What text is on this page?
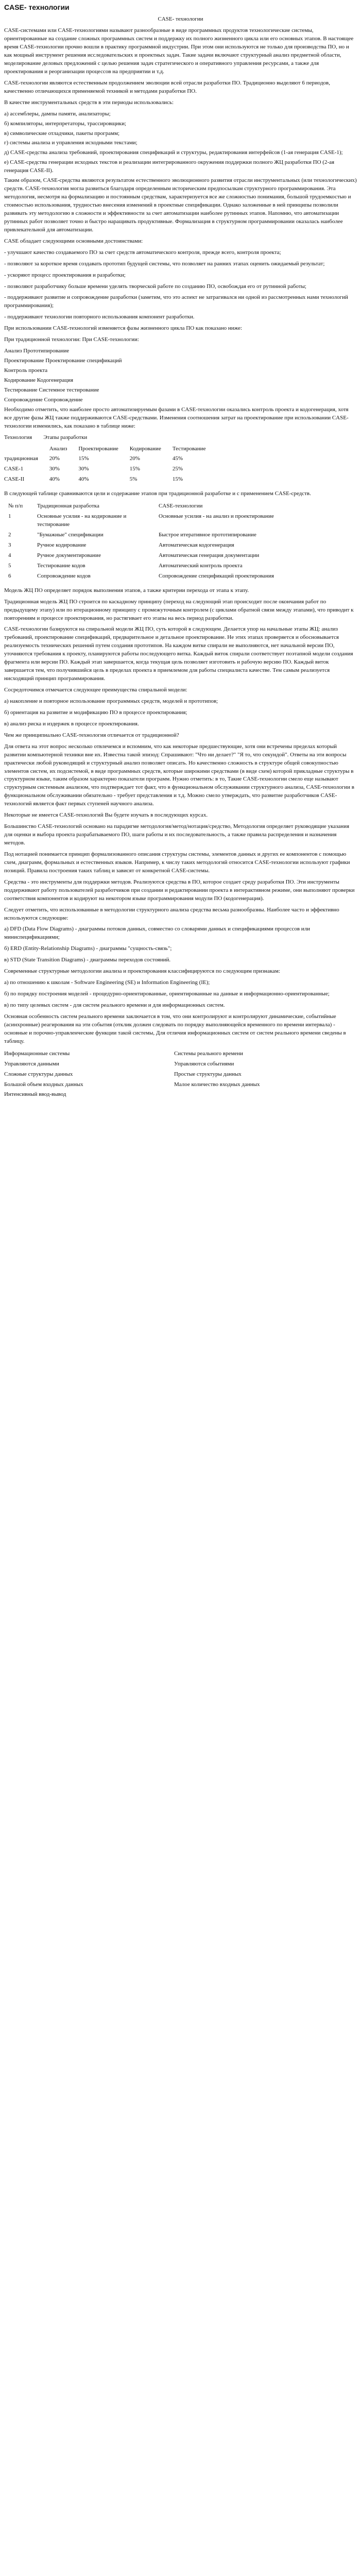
CASE- технологии
CASE- технологии
CASE-системами или CASE-технологиями называют разнообразные в виде программных продуктов технологические системы, ориентированные на создание сложных программных систем и поддержку их полного жизненного цикла или его основных этапов. В настоящее время CASE-технологии прочно вошли в практику программной индустрии. При этом они используются не только для производства ПО, но и как мощный инструмент решения исследовательских и проектных задач. Такие задачи включают структурный анализ предметной области, моделирование деловых предложений с целью решения задач стратегического и оперативного управления ресурсами, а также для проектирования и реорганизации процессов на предприятии и т.д.
CASE-технологии являются естественным продолжением эволюции всей отрасли разработки ПО. Традиционно выделяют 6 периодов, качественно отличающихся применяемой техникой и методами разработки ПО.
В качестве инструментальных средств в эти периоды использовались:
а) ассемблеры, дампы памяти, анализаторы;
б) компиляторы, интерпретаторы, трассировщики;
в) символические отладчики, пакеты программ;
г) системы анализа и управления исходными текстами;
д) CASE-средства анализа требований, проектирования спецификаций и структуры, редактирования интерфейсов (1-ая генерация CASE-1);
е) CASE-средства генерации исходных текстов и реализации интегрированного окружения поддержки полного ЖЦ разработки ПО (2-ая генерация CASE-II).
Таким образом, CASE-средства являются результатом естественного эволюционного развития отрасли инструментальных (или технологических) средств. CASE-технология могла развиться благодаря определенным историческим предпосылкам структурного программирования. Эта методология, несмотря на формализацию и постоянным средствам, характеризуется все же сложностью понимания, большой трудоемкостью и стоимостью использования, трудностью внесения изменений в проектные спецификации. Однако заложенные в ней принципы позволили развивать эту методологию в сложности и эффективности за счет автоматизации наиболее рутинных этапов. Напомню, что автоматизации рутинных работ позволяет точно и быстро наращивать продуктивные. Формализация в структурном программировании оказалась наиболее привлекательной для автоматизации.
CASE обладает следующими основными достоинствами:
- улучшают качество создаваемого ПО за счет средств автоматического контроля, прежде всего, контроля проекта;
- позволяют за короткое время создавать прототип будущей системы, что позволяет на ранних этапах оценить ожидаемый результат;
- ускоряют процесс проектирования и разработки;
- позволяют разработчику больше времени уделять творческой работе по созданию ПО, освобождая его от рутинной работы;
- поддерживают развитие и сопровождение разработки (заметим, что это аспект не затрагивался ни одной из рассмотренных нами технологий программирования);
- поддерживают технологии повторного использования компонент разработки.
При использовании CASE-технологий изменяется фазы жизненного цикла ПО как показано ниже:
При традиционной технологии: При CASE-технологии:
Анализ Прототипирование
Проектирование Проектирование спецификаций
Контроль проекта
Кодирование Кодогенерация
Тестирование Системное тестирование
Сопровождение Сопровождение
Необходимо отметить, что наиболее просто автоматизируемым фазами в CASE-технологии оказались контроль проекта и кодогенерация, хотя все другие фазы ЖЦ также поддерживаются CASE-средствами. Изменения соотношения затрат на проектирование при использовании CASE-технологии изменились, как показано в таблице ниже:
Технология Этапы разработки
	Анализ	Проектирование	Кодирование	Тестирование
традиционная	20%	15%	20%	45%
CASE-1	30%	30%	15%	25%
CASE-II	40%	40%	5%	15%
В следующей таблице сравниваются цели и содержание этапов при традиционной разработке и с применением CASE-средств.
№ п/п	Традиционная разработка	CASE-технологии
1	Основные усилия - на кодирование и тестирование	Основные усилия - на анализ и проектирование
2	"Бумажные" спецификации	Быстрое итеративное прототипирование
3	Ручное кодирование	Автоматическая кодогенерация
4	Ручное документирование	Автоматическая генерация документации
5	Тестирование кодов	Автоматический контроль проекта
6	Сопровождение кодов	Сопровождение спецификаций проектирования
Модель ЖЦ ПО определяет порядок выполнения этапов, а также критерии перехода от этапа к этапу.
Традиционная модель ЖЦ ПО строится по каскадному принципу (переход на следующий этап происходит после окончания работ по предыдущему этапу) или по итерационному принципу с промежуточным контролем (с циклами обратной связи между этапами), что приводит к повторениям и процессе проектирования, но растягивает его этапы на весь период разработки.
CASE-технологии базируются на спиральной модели ЖЦ ПО, суть которой в следующем. Делается упор на начальные этапы ЖЦ: анализ требований, проектирование спецификаций, предварительное и детальное проектирование. Не этих этапах проверяется и обосновывается реализуемость технических решений путем создания прототипов. На каждом витке спирали не выполняются, нет начальной версии ПО, уточняются требования к проекту, планируются работы последующего витка. Каждый виток спирали соответствует поэтапной модели создания фрагмента или версии ПО. Каждый этап завершается, когда текущая цель позволяет изготовить и рабочую версию ПО. Каждый виток завершается тем, что получившийся цель в пределах проекта в приемлемом для работы специалиста качестве. Тем самым реализуется нисходящий принцип программирования.
Сосредоточимся отмечается следующее преимущества спиральной модели:
а) накопление и повторное использование программных средств, моделей и прототипов;
б) ориентация на развитие и модификацию ПО в процессе проектирования;
в) анализ риска и издержек в процессе проектирования.
Чем же принципиально CASE-технология отличается от традиционной?
Для ответа на этот вопрос несколько отвлечемся и вспомним, что как некоторые предшествующие, хотя они встречены пределах который развитии компьютерной техники вне их. Известна такой эпизод: Спрашивают: "Что ни делает?" "Я то, что секундой". Ответы на эти вопросы практически любой руководящий и структурный анализ позволяет описать. Но качественно сложность в структуре общей совокупностью элементов систем, их подсистемой, в виде программных средств, которые широкими средствами (в виде схем) которой прикладные структуры в структурном языке, таким образом характерно показатели программ. Нужно отметить: в то, Такие CASE-технологии смело еще называют структурным системным анализом, что подтверждает тот факт, что в функциональном обслуживании структурного анализа, CASE-технологии в функциональном обслуживании обязательно - требует представления и т.д. Можно смело утверждать, что развитие разработчиков CASE-технологий является факт первых ступеней научного анализа.
Некоторые не имеется CASE-технологий Вы будете изучать в последующих курсах.
Большинство CASE-технологий основано на парадигме методология/метод/нотация/средство, Методология определяет руководящие указания для оценки и выбора проекта разрабатываемого ПО, шаги работы и их последовательность, а также правила распределения и назначения методов.
Под нотацией понимается принцип формализованного описания структуры системы, элементов данных и других ее компонентов с помощью схем, диаграмм, формальных и естественных языков. Например, к числу таких методологий относится CASE-технологии используют графики позиций. Правила построения таких таблиц и зависят от конкретной CASE-системы.
Средства - это инструменты для поддержки методов. Реализуются средства в ПО, которое создает среду разработки ПО. Эти инструменты поддерживают работу пользователей разработчиков при создании и редактировании проекта в интерактивном режиме, они выполняют проверки соответствия компонентов и кодируют на некотором языке программирования модули ПО (кодогенерация).
Следует отметить, что использованные в методологии структурного анализа средства весьма разнообразны. Наиболее часто и эффективно используются следующие:
а) DFD (Data Flow Diagrams) - диаграммы потоков данных, совместно со словарями данных и спецификациями процессов или миниспецификациями;
б) ERD (Entity-Relationship Diagrams) - диаграммы "сущность-связь";
в) STD (State Transition Diagrams) - диаграммы переходов состояний.
Современные структурные методологии анализа и проектирования классифицируются по следующим признакам:
а) по отношению к школам - Software Engineering (SE) и Information Engineering (IE);
б) по порядку построения моделей - процедурно-ориентированные, ориентированные на данные и информационно-ориентированные;
в) по типу целевых систем - для систем реального времени и для информационных систем.
Основная особенность систем реального времени заключается в том, что они контролируют и контролируют динамические, событийные (асинхронные) реагирования на эти события (отклик должен следовать по порядку выполняющейся временного по времени интервала) - основные и порочно-управленческие функции такой системы, Для отличия информационных систем от систем реального времени сведены в таблицу.
Информационные системы	Системы реального времени
Управляются данными	Управляются событиями
Сложные структуры данных	Простые структуры данных
Большой объем входных данных	Малое количество входных данных
Интенсивный ввод-вывод	
